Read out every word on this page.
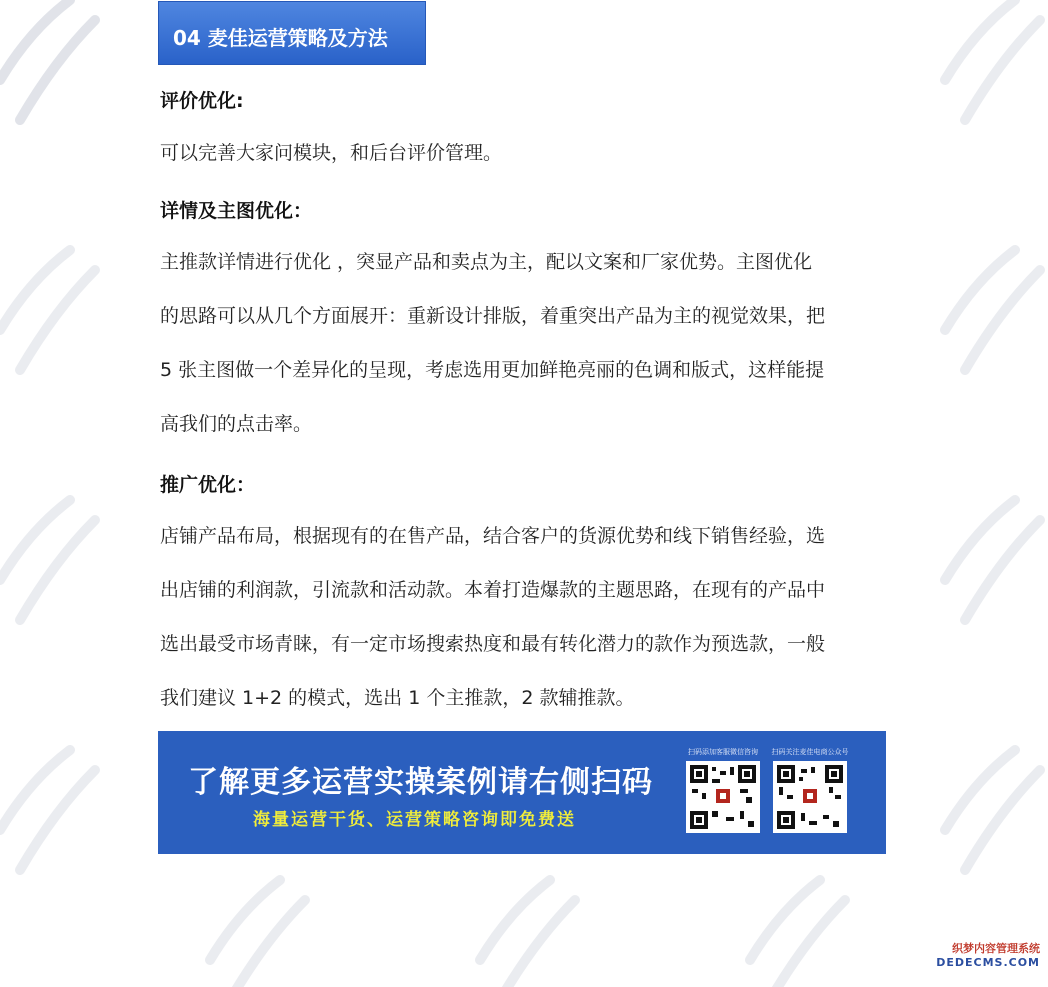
04 麦佳运营策略及方法
评价优化:
可以完善大家问模块，和后台评价管理。
详情及主图优化：
主推款详情进行优化 ，突显产品和卖点为主，配以文案和厂家优势。主图优化
的思路可以从几个方面展开：重新设计排版，着重突出产品为主的视觉效果，把
5 张主图做一个差异化的呈现，考虑选用更加鲜艳亮丽的色调和版式，这样能提
高我们的点击率。
推广优化：
店铺产品布局，根据现有的在售产品，结合客户的货源优势和线下销售经验，选
出店铺的利润款，引流款和活动款。本着打造爆款的主题思路，在现有的产品中
选出最受市场青睐，有一定市场搜索热度和最有转化潜力的款作为预选款，一般
我们建议 1+2 的模式，选出 1 个主推款，2 款辅推款。
了解更多运营实操案例请右侧扫码
海量运营干货、运营策略咨询即免费送
扫码添加客服微信咨询	扫码关注麦佳电商公众号
织梦内容管理系统
DEDECMS.COM
